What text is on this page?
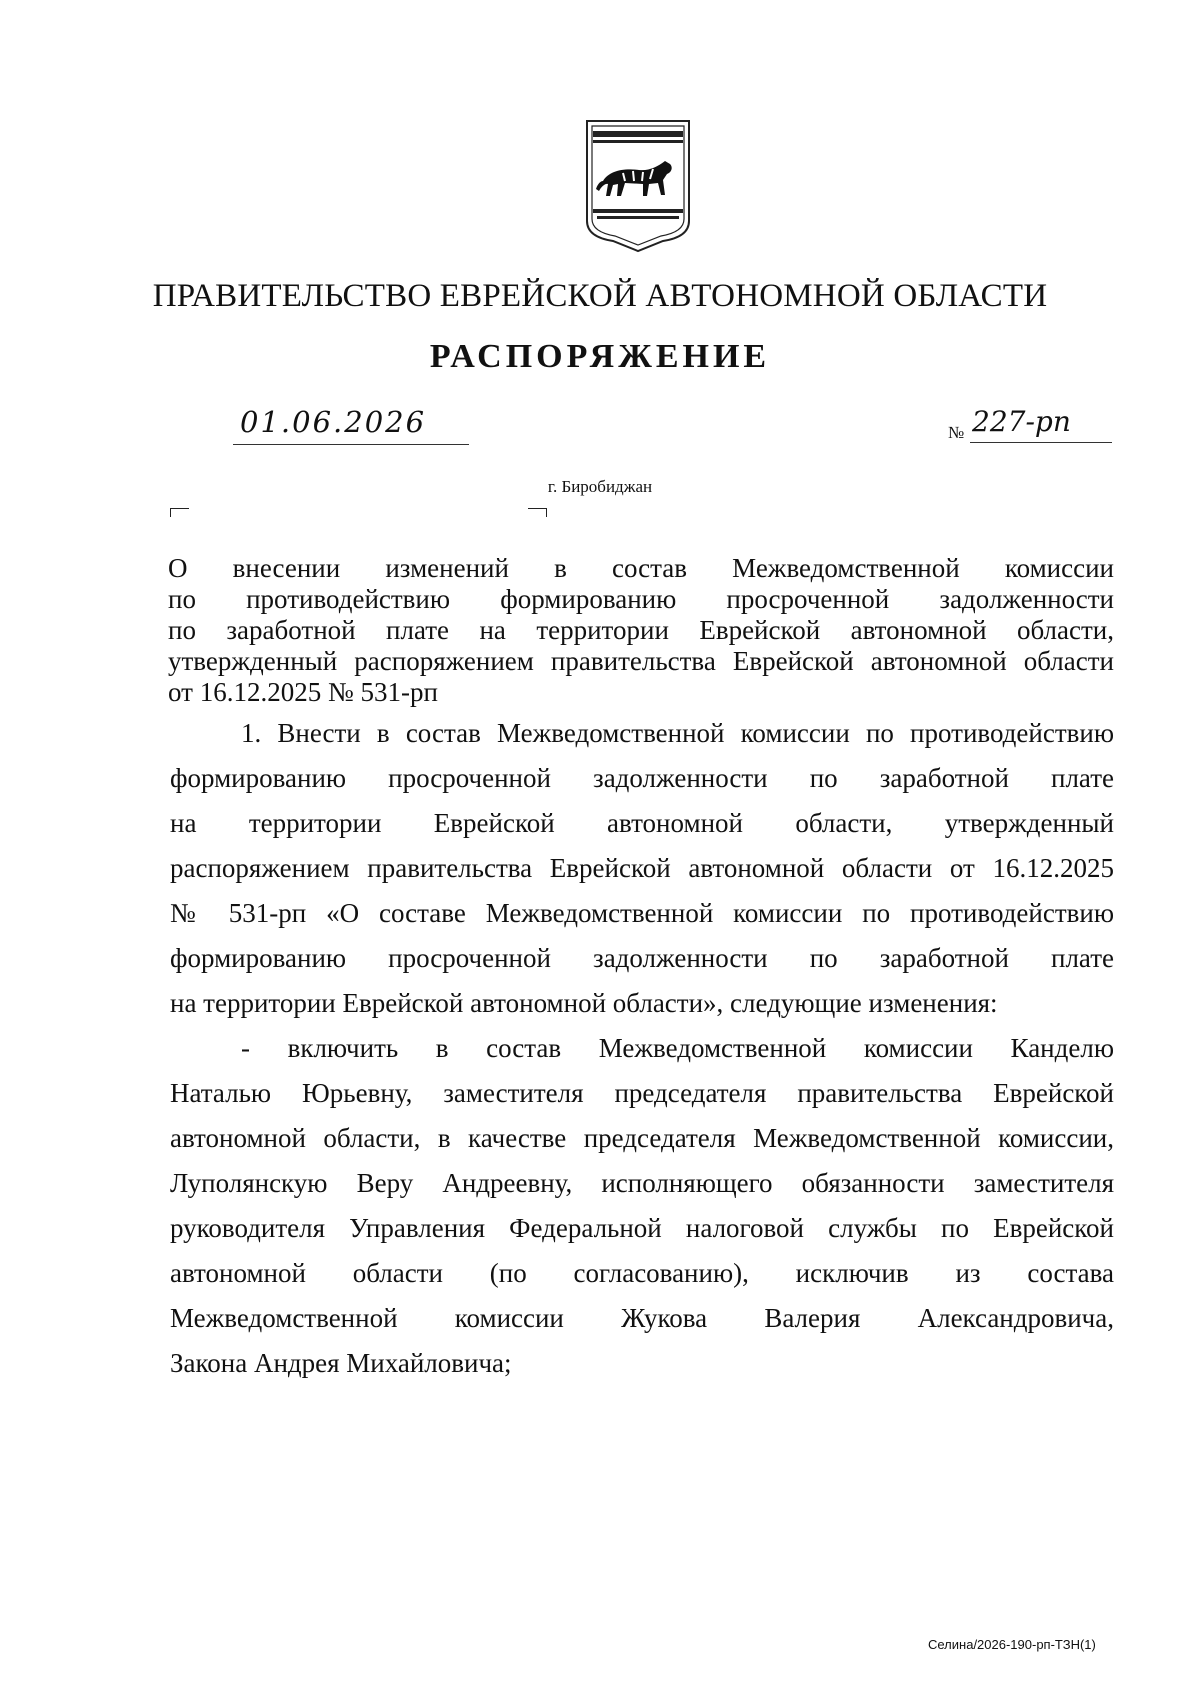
ПРАВИТЕЛЬСТВО ЕВРЕЙСКОЙ АВТОНОМНОЙ ОБЛАСТИ
РАСПОРЯЖЕНИЕ
01.06.2026	№ 227-рп
г. Биробиджан

О внесении изменений в состав Межведомственной комиссии

по противодействию формированию просроченной задолженности

по заработной плате на территории Еврейской автономной области,

утвержденный распоряжением правительства Еврейской автономной области

от 16.12.2025 № 531-рп

1. Внести в состав Межведомственной комиссии по противодействию
формированию просроченной задолженности по заработной плате
на территории Еврейской автономной области, утвержденный
распоряжением правительства Еврейской автономной области от 16.12.2025
№ 531-рп «О составе Межведомственной комиссии по противодействию
формированию просроченной задолженности по заработной плате
на территории Еврейской автономной области», следующие изменения:
- включить в состав Межведомственной комиссии Канделю
Наталью Юрьевну, заместителя председателя правительства Еврейской
автономной области, в качестве председателя Межведомственной комиссии,
Луполянскую Веру Андреевну, исполняющего обязанности заместителя
руководителя Управления Федеральной налоговой службы по Еврейской
автономной области (по согласованию), исключив из состава
Межведомственной комиссии Жукова Валерия Александровича,
Закона Андрея Михайловича;
Селина/2026-190-рп-ТЗН(1)
